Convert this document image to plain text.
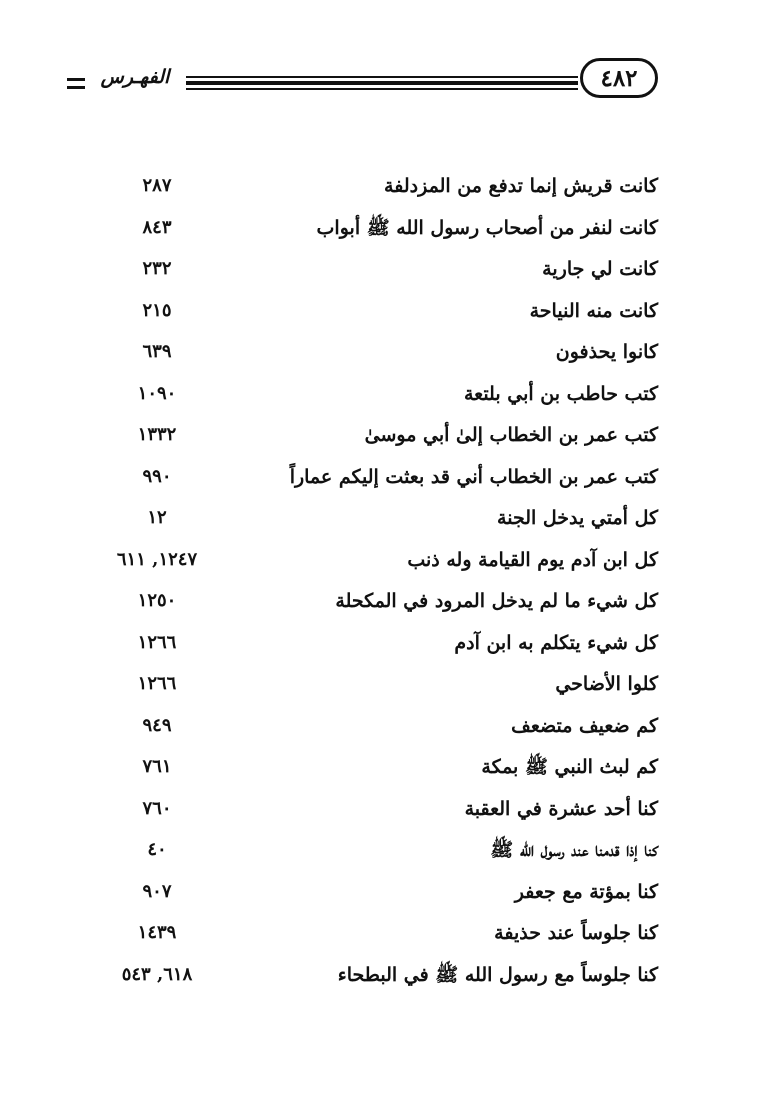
الفهـرس	٤٨٢
٢٨٧	كانت قريش إنما تدفع من المزدلفة
٨٤٣	كانت لنفر من أصحاب رسول الله ﷺ أبواب
٢٣٢	كانت لي جارية
٢١٥	كانت منه النياحة
٦٣٩	كانوا يحذفون
١٠٩٠	كتب حاطب بن أبي بلتعة
١٣٣٢	كتب عمر بن الخطاب إلىٰ أبي موسىٰ
٩٩٠	كتب عمر بن الخطاب أني قد بعثت إليكم عماراً
١٢	كل أمتي يدخل الجنة
١٢٤٧, ٦١١	كل ابن آدم يوم القيامة وله ذنب
١٢٥٠	كل شيء ما لم يدخل المرود في المكحلة
١٢٦٦	كل شيء يتكلم به ابن آدم
١٢٦٦	كلوا الأضاحي
٩٤٩	كم ضعيف متضعف
٧٦١	كم لبث النبي ﷺ بمكة
٧٦٠	كنا أحد عشرة في العقبة
٤٠	كنا إذا قدمنا عند رسول الله ﷺ
٩٠٧	كنا بمؤتة مع جعفر
١٤٣٩	كنا جلوساً عند حذيفة
٦١٨, ٥٤٣	كنا جلوساً مع رسول الله ﷺ في البطحاء
